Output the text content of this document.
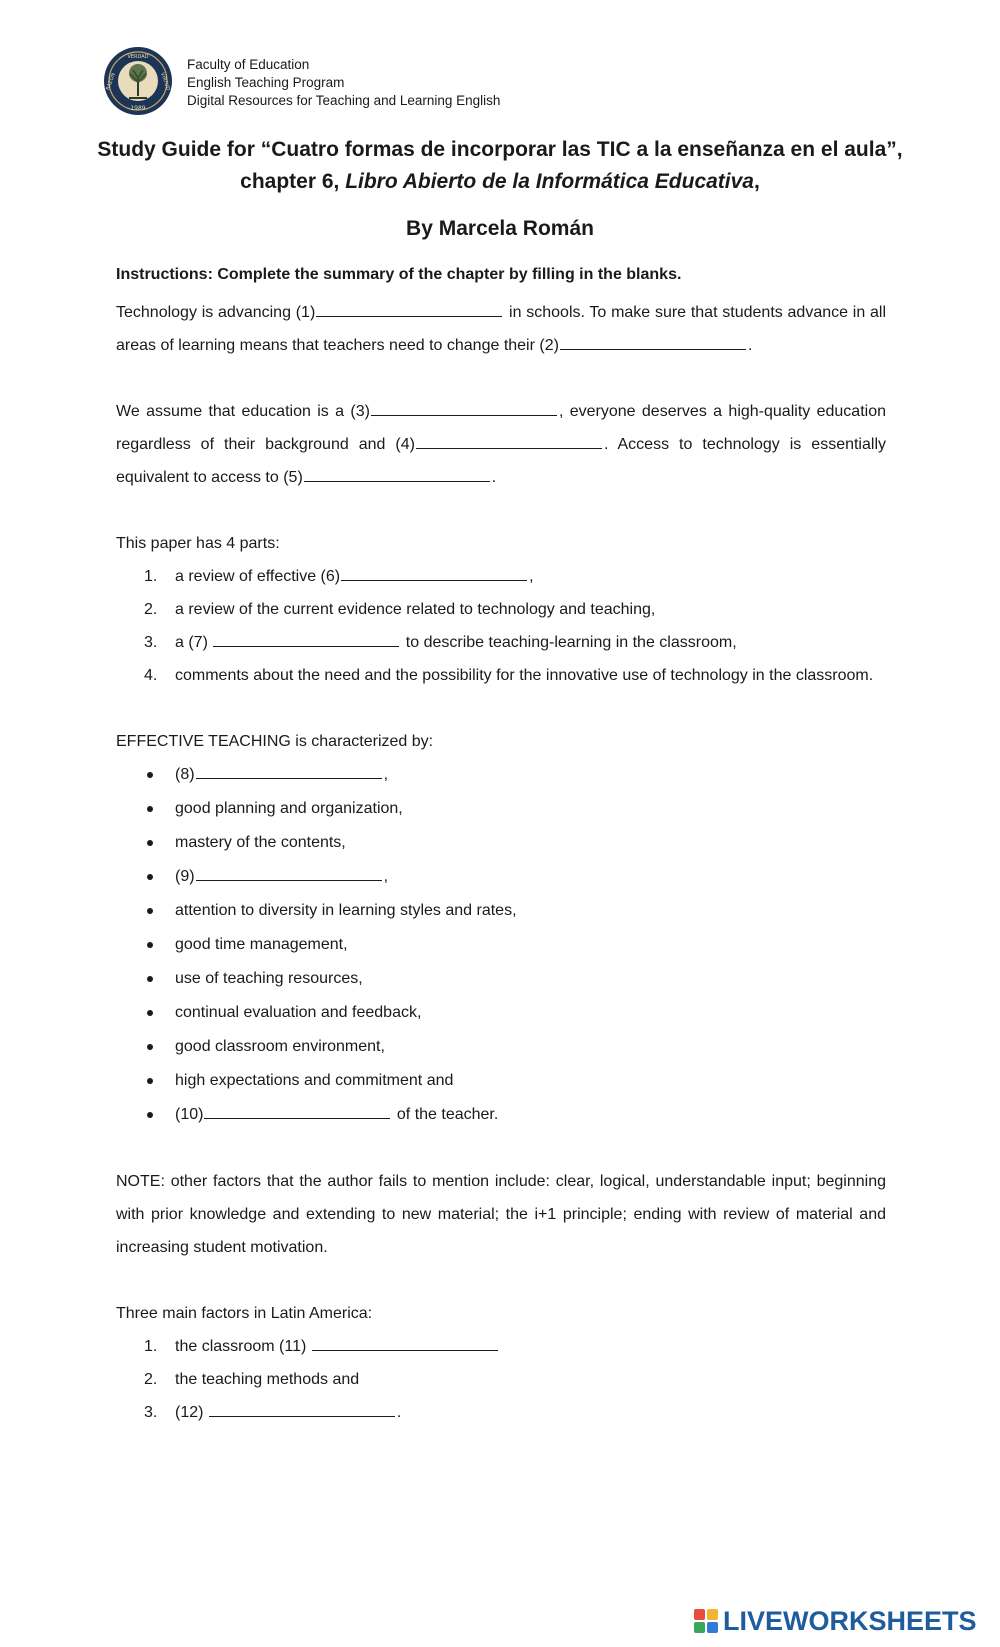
VERDAD
RAZÓN	VIRTUD
1989
Faculty of Education
English Teaching Program
Digital Resources for Teaching and Learning English
Study Guide for “Cuatro formas de incorporar las TIC a la enseñanza en el aula”,
chapter 6, Libro Abierto de la Informática Educativa,
By Marcela Román

Instructions: Complete the summary of the chapter by filling in the blanks.

Technology is advancing (1)	in schools. To make sure that students advance in all areas of learning means that teachers need to change their (2)	.

We assume that education is a (3)	, everyone deserves a high-quality education regardless of their background and (4)	. Access to technology is essentially equivalent to access to (5)	.

This paper has 4 parts:

1.	a review of effective (6)	,
2.	a review of the current evidence related to technology and teaching,
3.	a (7)	to describe teaching-learning in the classroom,
4.	comments about the need and the possibility for the innovative use of technology in the classroom.

EFFECTIVE TEACHING is characterized by:

(8)	,
good planning and organization,
mastery of the contents,
(9)	,
attention to diversity in learning styles and rates,
good time management,
use of teaching resources,
continual evaluation and feedback,
good classroom environment,
high expectations and commitment and
(10)	of the teacher.

NOTE: other factors that the author fails to mention include: clear, logical, understandable input; beginning with prior knowledge and extending to new material; the i+1 principle; ending with review of material and increasing student motivation.

Three main factors in Latin America:

1.	the classroom (11)
2.	the teaching methods and
3.	(12)	.
LIVEWORKSHEETS
